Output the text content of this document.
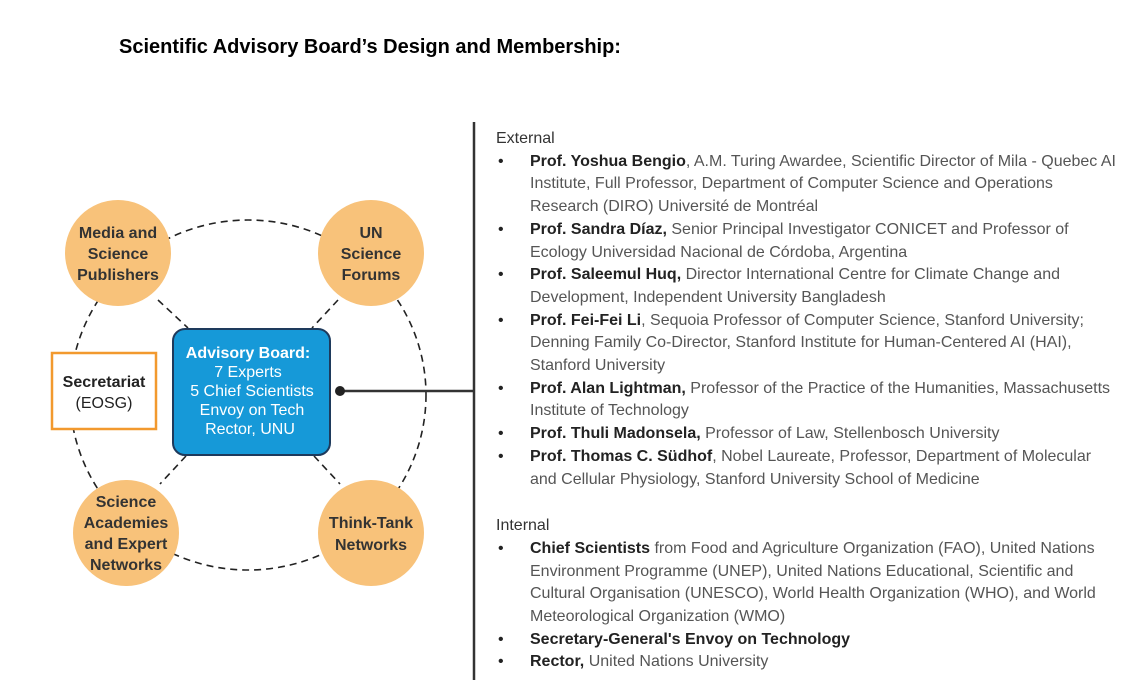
Scientific Advisory Board’s Design and Membership:
Secretariat
(EOSG)
Advisory Board:
7 Experts
5 Chief Scientists
Envoy on Tech
Rector, UNU
Media and
Science
Publishers
UN
Science
Forums
Science
Academies
and Expert
Networks
Think-Tank
Networks

External

• Prof. Yoshua Bengio, A.M. Turing Awardee, Scientific Director of Mila - Quebec AI Institute, Full Professor, Department of Computer Science and Operations Research (DIRO) Université de Montréal
• Prof. Sandra Díaz, Senior Principal Investigator CONICET and Professor of Ecology Universidad Nacional de Córdoba, Argentina
• Prof. Saleemul Huq, Director International Centre for Climate Change and Development, Independent University Bangladesh
• Prof. Fei-Fei Li, Sequoia Professor of Computer Science, Stanford University; Denning Family Co-Director, Stanford Institute for Human-Centered AI (HAI), Stanford University
• Prof. Alan Lightman, Professor of the Practice of the Humanities, Massachusetts Institute of Technology
• Prof. Thuli Madonsela, Professor of Law, Stellenbosch University
• Prof. Thomas C. Südhof, Nobel Laureate, Professor, Department of Molecular and Cellular Physiology, Stanford University School of Medicine

Internal

• Chief Scientists from Food and Agriculture Organization (FAO), United Nations Environment Programme (UNEP), United Nations Educational, Scientific and Cultural Organisation (UNESCO), World Health Organization (WHO), and World Meteorological Organization (WMO)
• Secretary-General's Envoy on Technology
• Rector, United Nations University
